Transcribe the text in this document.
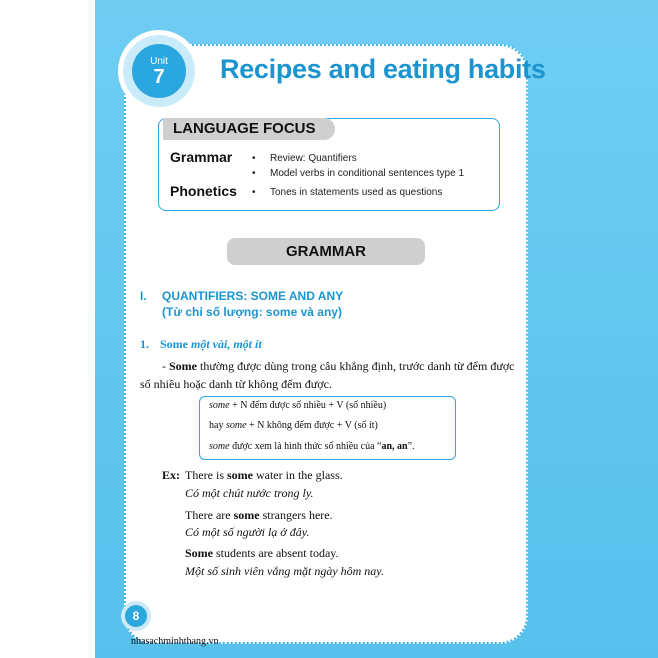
Unit
7 Recipes and eating habits
LANGUAGE FOCUS
Grammar • Review: Quantifiers
• Model verbs in conditional sentences type 1
Phonetics • Tones in statements used as questions
GRAMMAR
I. QUANTIFIERS: SOME AND ANY
(Từ chỉ số lượng: some và any)
1. Some một vài, một ít
- Some thường được dùng trong câu khẳng định, trước danh từ đếm được
số nhiều hoặc danh từ không đếm được.
some + N đếm được số nhiều + V (số nhiều)
hay some + N không đếm được + V (số ít)
some được xem là hình thức số nhiều của “an, an”.
Ex: There is some water in the glass.
Có một chút nước trong ly.
There are some strangers here.
Có một số người lạ ở đây.
Some students are absent today.
Một số sinh viên vắng mặt ngày hôm nay.
8
nhasachminhthang.vn
